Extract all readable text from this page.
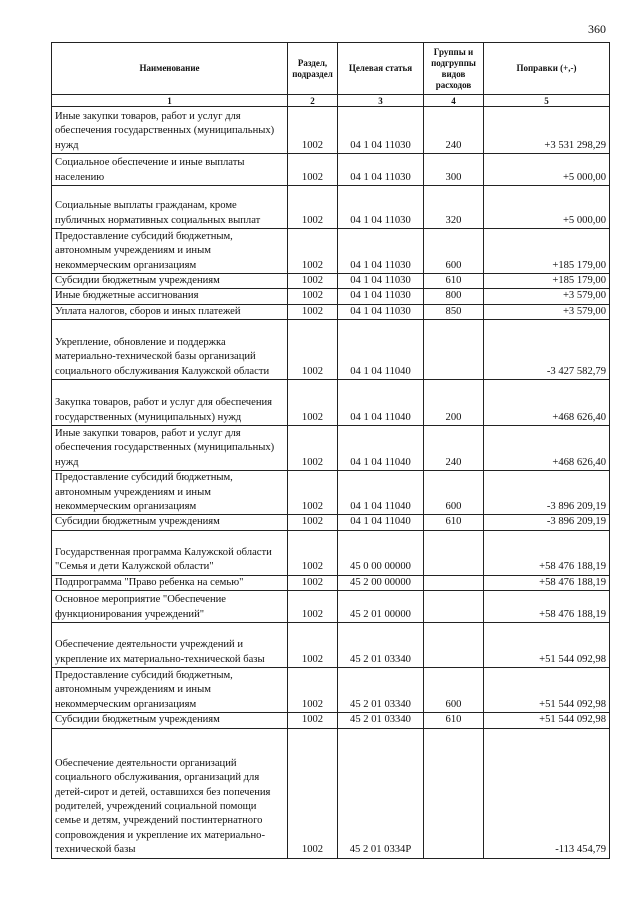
360
Наименование	Раздел, подраздел	Целевая статья	Группы и подгруппы видов расходов	Поправки (+,-)
1	2	3	4	5
Иные закупки товаров, работ и услуг для обеспечения государственных (муниципальных) нужд	1002	04 1 04 11030	240	+3 531 298,29
Социальное обеспечение и иные выплаты населению	1002	04 1 04 11030	300	+5 000,00
Социальные выплаты гражданам, кроме публичных нормативных социальных выплат	1002	04 1 04 11030	320	+5 000,00
Предоставление субсидий бюджетным, автономным учреждениям и иным некоммерческим организациям	1002	04 1 04 11030	600	+185 179,00
Субсидии бюджетным учреждениям	1002	04 1 04 11030	610	+185 179,00
Иные бюджетные ассигнования	1002	04 1 04 11030	800	+3 579,00
Уплата налогов, сборов и иных платежей	1002	04 1 04 11030	850	+3 579,00
Укрепление, обновление и поддержка материально-технической базы организаций социального обслуживания Калужской области	1002	04 1 04 11040		-3 427 582,79
Закупка товаров, работ и услуг для обеспечения государственных (муниципальных) нужд	1002	04 1 04 11040	200	+468 626,40
Иные закупки товаров, работ и услуг для обеспечения государственных (муниципальных) нужд	1002	04 1 04 11040	240	+468 626,40
Предоставление субсидий бюджетным, автономным учреждениям и иным некоммерческим организациям	1002	04 1 04 11040	600	-3 896 209,19
Субсидии бюджетным учреждениям	1002	04 1 04 11040	610	-3 896 209,19
Государственная программа Калужской области "Семья и дети Калужской области"	1002	45 0 00 00000		+58 476 188,19
Подпрограмма "Право ребенка на семью"	1002	45 2 00 00000		+58 476 188,19
Основное мероприятие "Обеспечение функционирования учреждений"	1002	45 2 01 00000		+58 476 188,19
Обеспечение деятельности учреждений и укрепление их материально-технической базы	1002	45 2 01 03340		+51 544 092,98
Предоставление субсидий бюджетным, автономным учреждениям и иным некоммерческим организациям	1002	45 2 01 03340	600	+51 544 092,98
Субсидии бюджетным учреждениям	1002	45 2 01 03340	610	+51 544 092,98
Обеспечение деятельности организаций социального обслуживания, организаций для детей-сирот и детей, оставшихся без попечения родителей, учреждений социальной помощи семье и детям, учреждений постинтернатного сопровождения и укрепление их материально-технической базы	1002	45 2 01 0334Р		-113 454,79
